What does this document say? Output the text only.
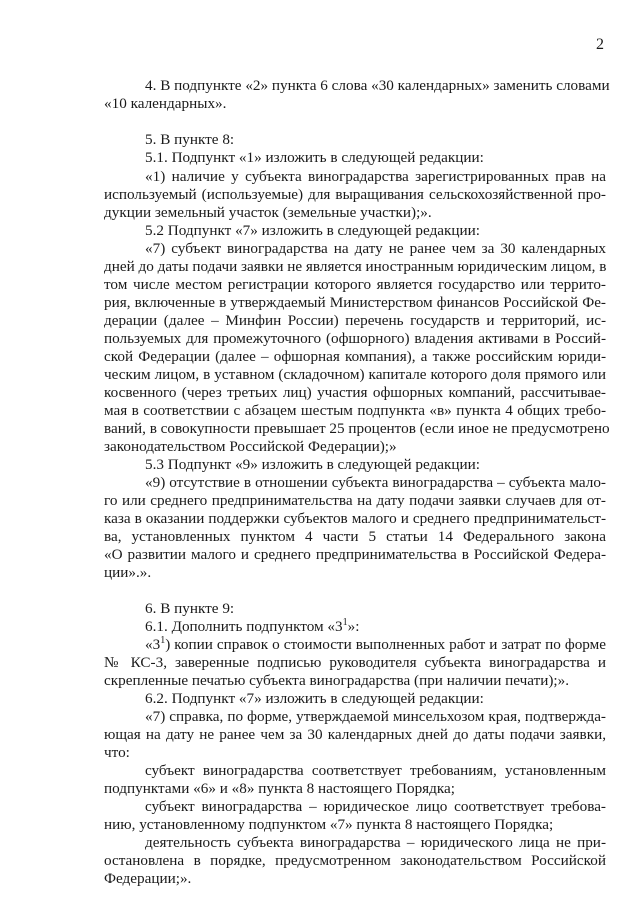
2
4. В подпункте «2» пункта 6 слова «30 календарных» заменить словами
«10 календарных».
5. В пункте 8:
5.1. Подпункт «1» изложить в следующей редакции:
«1) наличие у субъекта виноградарства зарегистрированных прав на
используемый (используемые) для выращивания сельскохозяйственной про-
дукции земельный участок (земельные участки);».
5.2 Подпункт «7» изложить в следующей редакции:
«7) субъект виноградарства на дату не ранее чем за 30 календарных
дней до даты подачи заявки не является иностранным юридическим лицом, в
том числе местом регистрации которого является государство или террито-
рия, включенные в утверждаемый Министерством финансов Российской Фе-
дерации (далее – Минфин России) перечень государств и территорий, ис-
пользуемых для промежуточного (офшорного) владения активами в Россий-
ской Федерации (далее – офшорная компания), а также российским юриди-
ческим лицом, в уставном (складочном) капитале которого доля прямого или
косвенного (через третьих лиц) участия офшорных компаний, рассчитывае-
мая в соответствии с абзацем шестым подпункта «в» пункта 4 общих требо-
ваний, в совокупности превышает 25 процентов (если иное не предусмотрено
законодательством Российской Федерации);»
5.3 Подпункт «9» изложить в следующей редакции:
«9) отсутствие в отношении субъекта виноградарства – субъекта мало-
го или среднего предпринимательства на дату подачи заявки случаев для от-
каза в оказании поддержки субъектов малого и среднего предпринимательст-
ва, установленных пунктом 4 части 5 статьи 14 Федерального закона
«О развитии малого и среднего предпринимательства в Российской Федера-
ции».».
6. В пункте 9:
6.1. Дополнить подпунктом «$3^1$»:
«$3^1$) копии справок о стоимости выполненных работ и затрат по форме
№ КС-3, заверенные подписью руководителя субъекта виноградарства и
скрепленные печатью субъекта виноградарства (при наличии печати);».
6.2. Подпункт «7» изложить в следующей редакции:
«7) справка, по форме, утверждаемой минсельхозом края, подтвержда-
ющая на дату не ранее чем за 30 календарных дней до даты подачи заявки,
что:
субъект виноградарства соответствует требованиям, установленным
подпунктами «6» и «8» пункта 8 настоящего Порядка;
субъект виноградарства – юридическое лицо соответствует требова-
нию, установленному подпунктом «7» пункта 8 настоящего Порядка;
деятельность субъекта виноградарства – юридического лица не при-
остановлена в порядке, предусмотренном законодательством Российской
Федерации;».
